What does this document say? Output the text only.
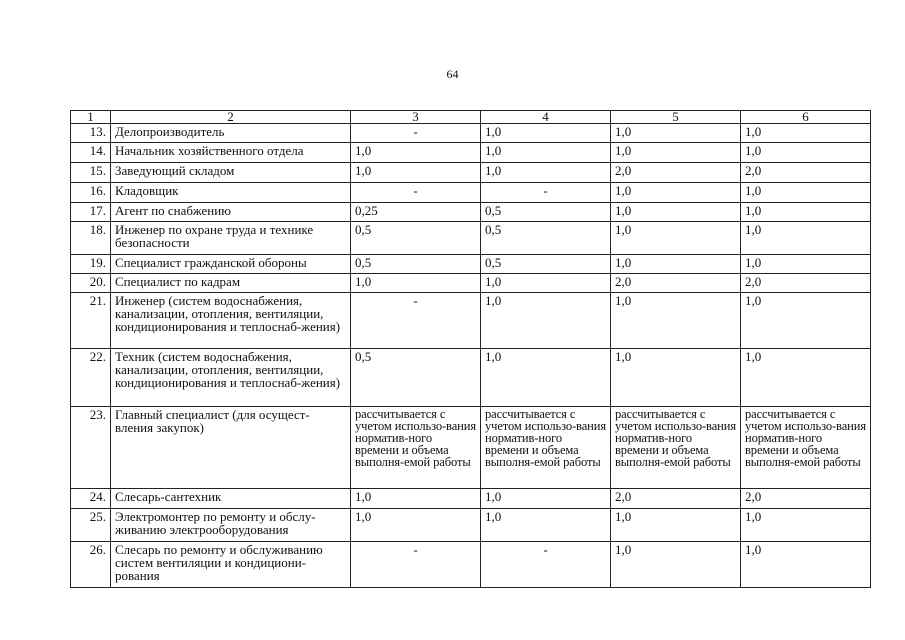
64
1	2	3	4	5	6
13.	Делопроизводитель	-	1,0	1,0	1,0
14.	Начальник хозяйственного отдела	1,0	1,0	1,0	1,0
15.	Заведующий складом	1,0	1,0	2,0	2,0
16.	Кладовщик	-	-	1,0	1,0
17.	Агент по снабжению	0,25	0,5	1,0	1,0
18.	Инженер по охране труда и технике безопасности	0,5	0,5	1,0	1,0
19.	Специалист гражданской обороны	0,5	0,5	1,0	1,0
20.	Специалист по кадрам	1,0	1,0	2,0	2,0
21.	Инженер (систем водоснабжения, канализации, отопления, вентиляции, кондиционирования и теплоснаб-жения)	-	1,0	1,0	1,0
22.	Техник (систем водоснабжения, канализации, отопления, вентиляции, кондиционирования и теплоснаб-жения)	0,5	1,0	1,0	1,0
23.	Главный специалист (для осущест-вления закупок)	рассчитывается с учетом использо-вания норматив-ного времени и объема выполня-емой работы	рассчитывается с учетом использо-вания норматив-ного времени и объема выполня-емой работы	рассчитывается с учетом использо-вания норматив-ного времени и объема выполня-емой работы	рассчитывается с учетом использо-вания норматив-ного времени и объема выполня-емой работы
24.	Слесарь-сантехник	1,0	1,0	2,0	2,0
25.	Электромонтер по ремонту и обслу-живанию электрооборудования	1,0	1,0	1,0	1,0
26.	Слесарь по ремонту и обслуживанию систем вентиляции и кондициони-рования	-	-	1,0	1,0
